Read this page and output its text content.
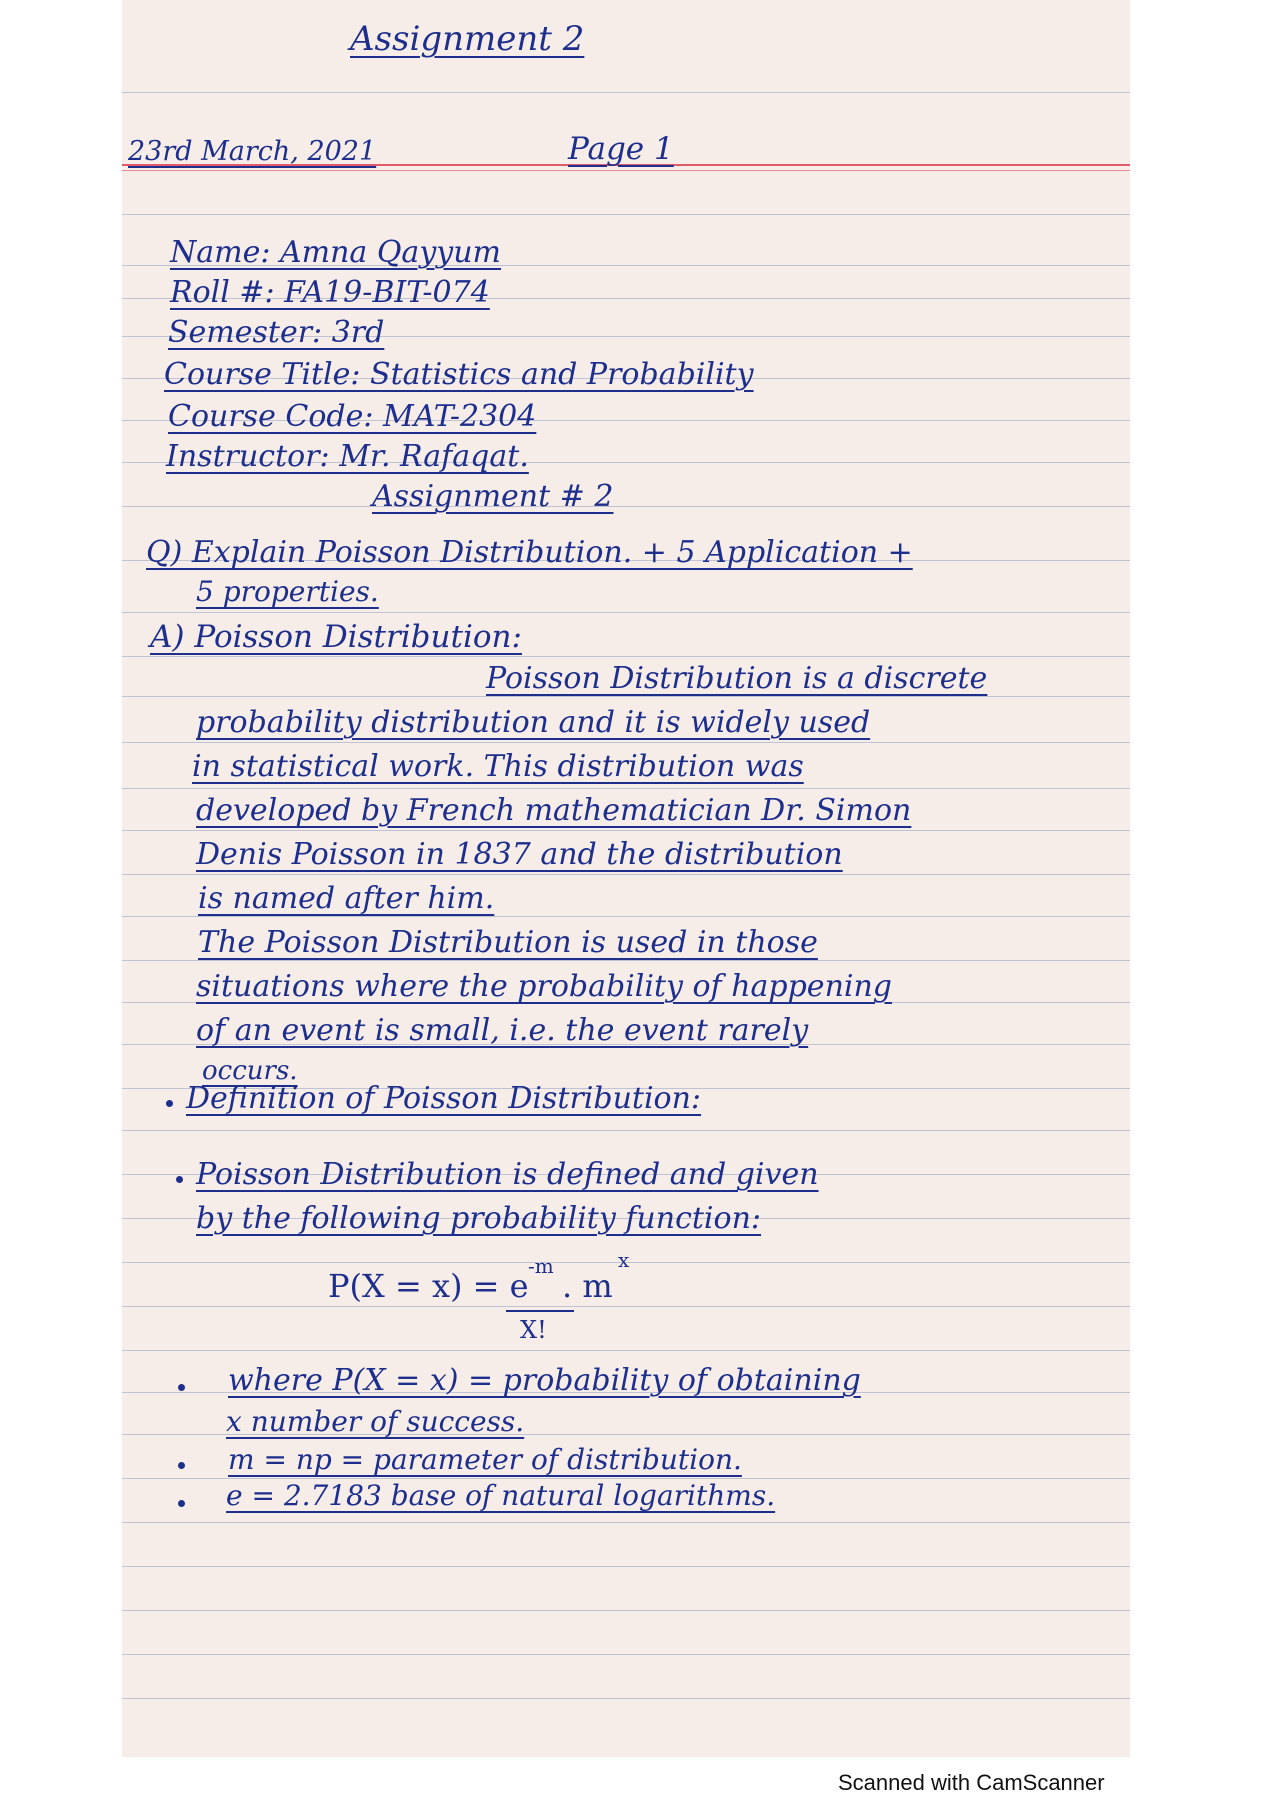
Assignment 2
23rd March, 2021	Page 1
Name: Amna Qayyum
Roll #: FA19-BIT-074
Semester: 3rd
Course Title: Statistics and Probability
Course Code: MAT-2304
Instructor: Mr. Rafaqat.
Assignment # 2
Q) Explain Poisson Distribution. + 5 Application +
5 properties.
A) Poisson Distribution:
Poisson Distribution is a discrete
probability distribution and it is widely used
in statistical work. This distribution was
developed by French mathematician Dr. Simon
Denis Poisson in 1837 and the distribution
is named after him.
The Poisson Distribution is used in those
situations where the probability of happening
of an event is small, i.e. the event rarely
occurs.
Definition of Poisson Distribution:
Poisson Distribution is defined and given
by the following probability function:
P(X = x) = e
-m
. m
x
X!
where P(X = x) = probability of obtaining
x number of success.
m = np = parameter of distribution.
e = 2.7183 base of natural logarithms.
Scanned with CamScanner
